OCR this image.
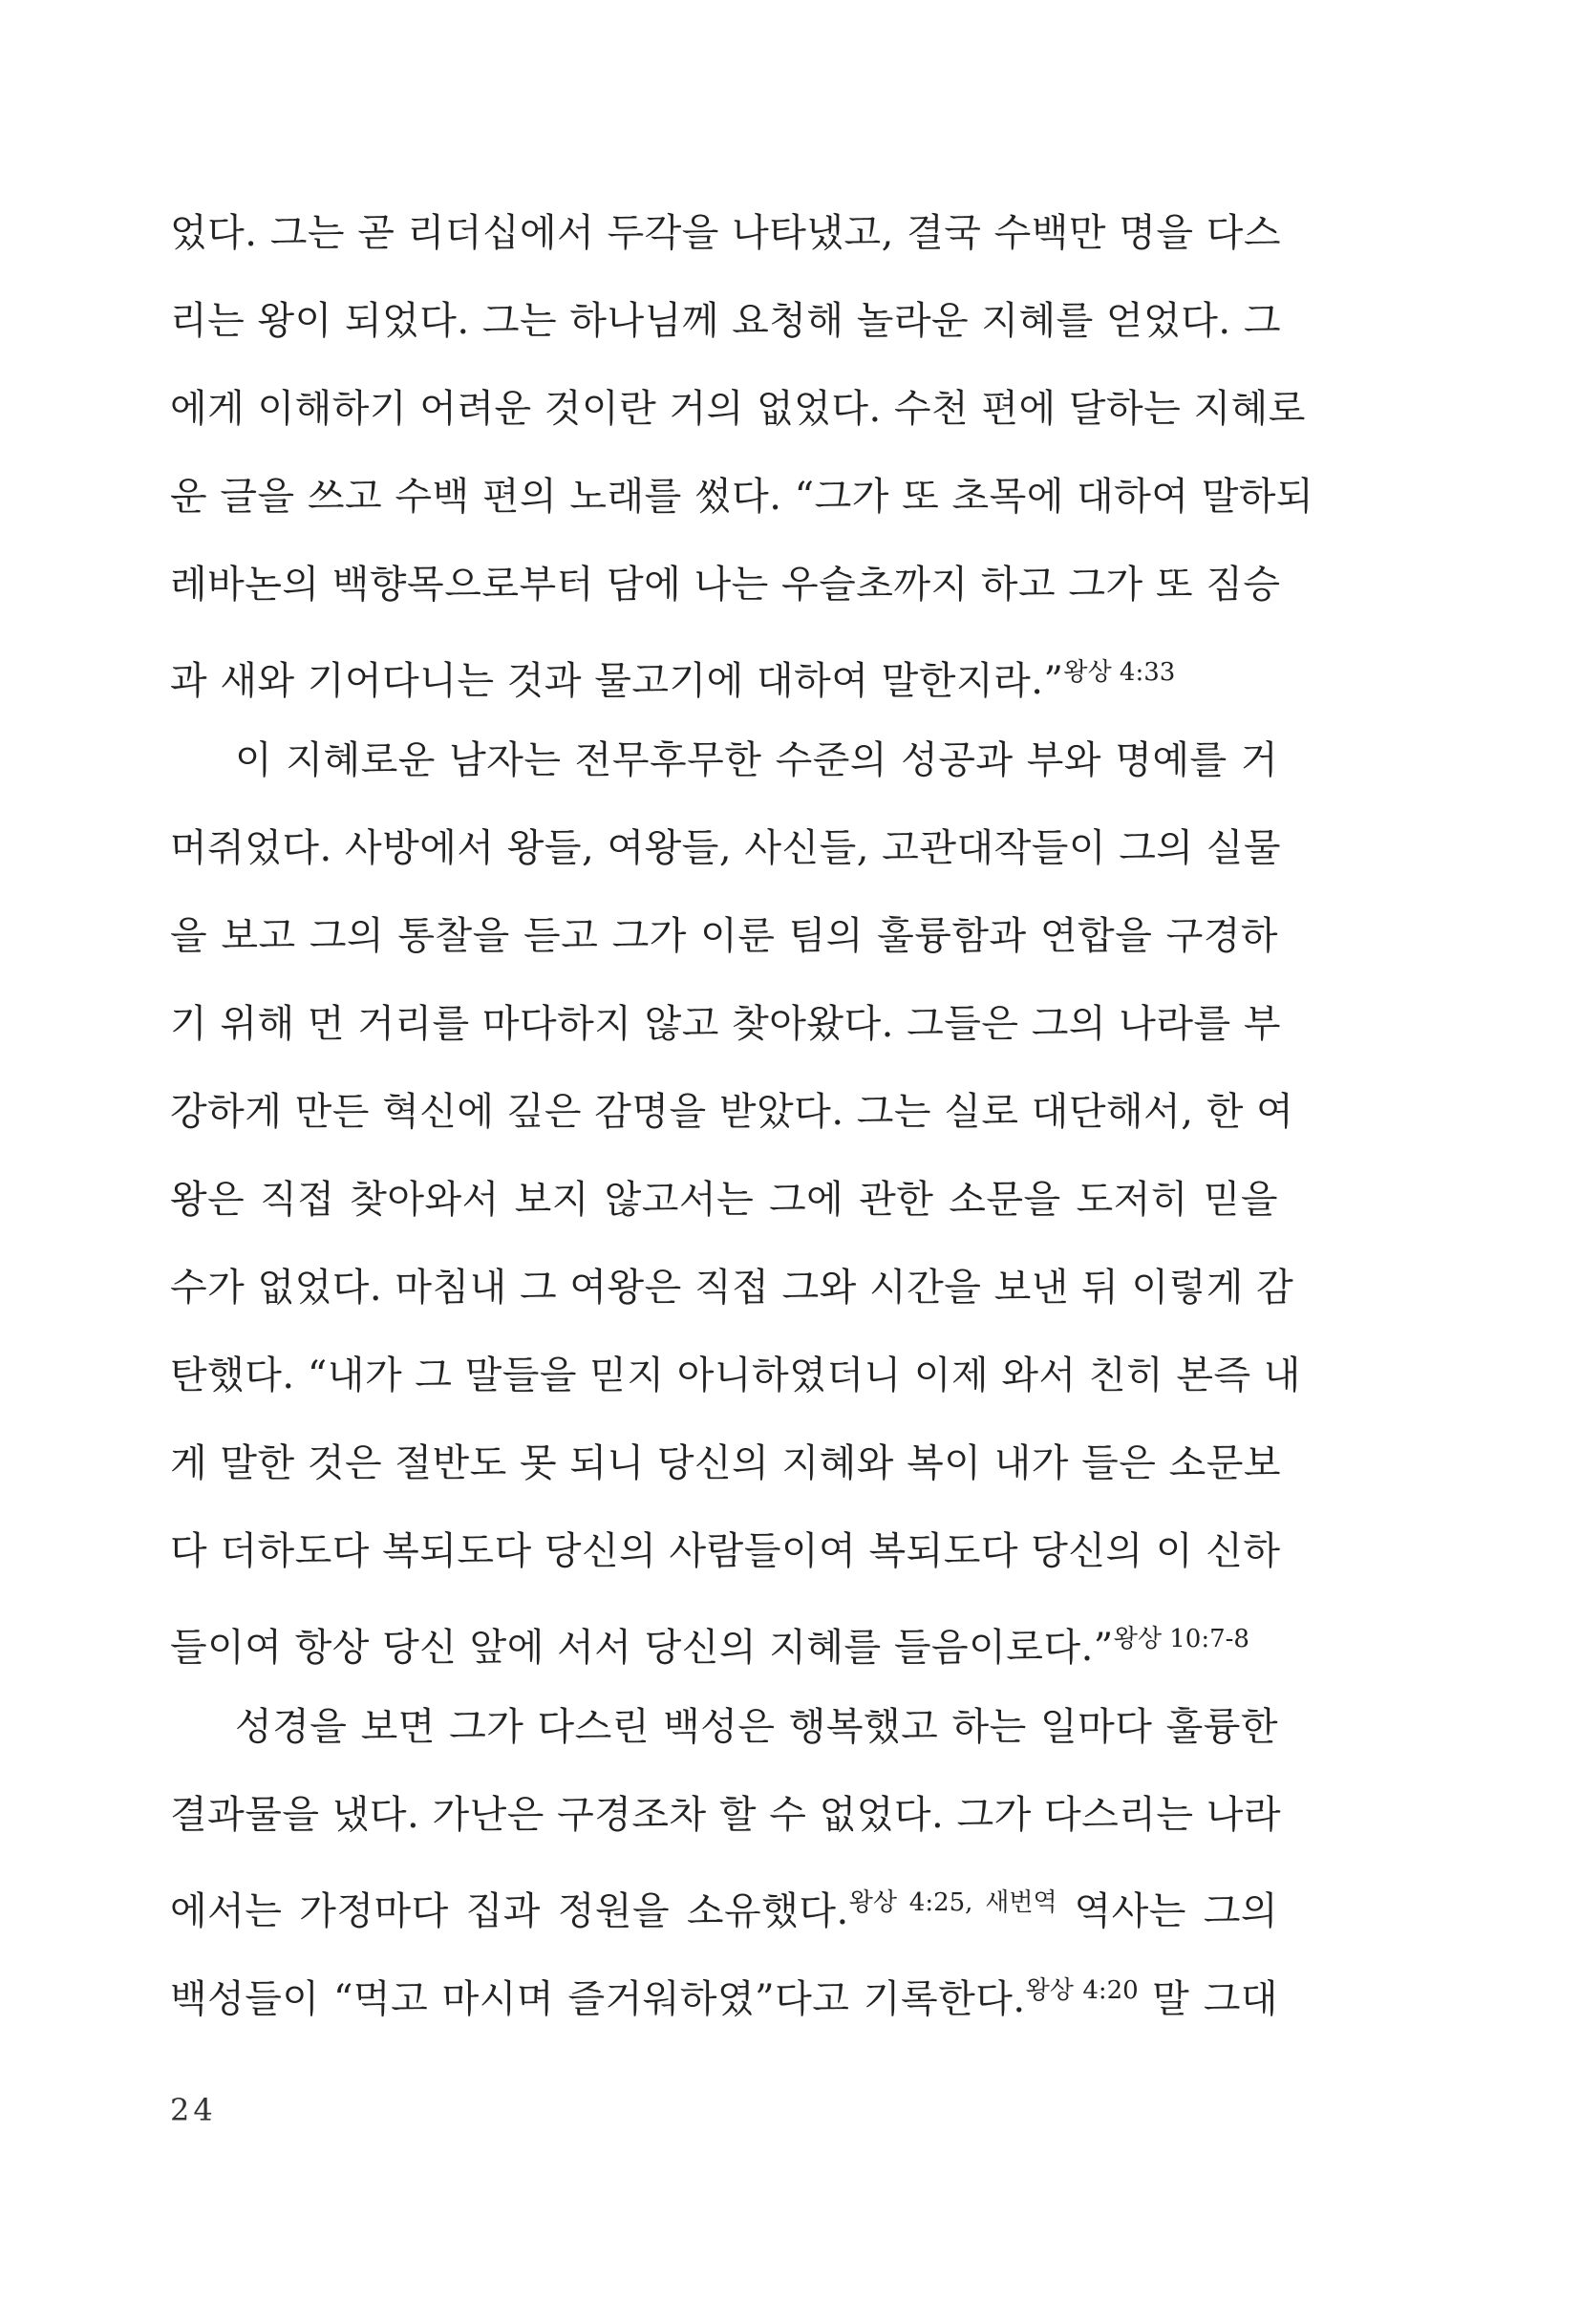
었다. 그는 곧 리더십에서 두각을 나타냈고, 결국 수백만 명을 다스
리는 왕이 되었다. 그는 하나님께 요청해 놀라운 지혜를 얻었다. 그
에게 이해하기 어려운 것이란 거의 없었다. 수천 편에 달하는 지혜로
운 글을 쓰고 수백 편의 노래를 썼다. “그가 또 초목에 대하여 말하되
레바논의 백향목으로부터 담에 나는 우슬초까지 하고 그가 또 짐승
과 새와 기어다니는 것과 물고기에 대하여 말한지라.”$^{왕상 4:33}$
이 지혜로운 남자는 전무후무한 수준의 성공과 부와 명예를 거
머쥐었다. 사방에서 왕들, 여왕들, 사신들, 고관대작들이 그의 실물
을 보고 그의 통찰을 듣고 그가 이룬 팀의 훌륭함과 연합을 구경하
기 위해 먼 거리를 마다하지 않고 찾아왔다. 그들은 그의 나라를 부
강하게 만든 혁신에 깊은 감명을 받았다. 그는 실로 대단해서, 한 여
왕은 직접 찾아와서 보지 않고서는 그에 관한 소문을 도저히 믿을
수가 없었다. 마침내 그 여왕은 직접 그와 시간을 보낸 뒤 이렇게 감
탄했다. “내가 그 말들을 믿지 아니하였더니 이제 와서 친히 본즉 내
게 말한 것은 절반도 못 되니 당신의 지혜와 복이 내가 들은 소문보
다 더하도다 복되도다 당신의 사람들이여 복되도다 당신의 이 신하
들이여 항상 당신 앞에 서서 당신의 지혜를 들음이로다.”$^{왕상 10:7-8}$
성경을 보면 그가 다스린 백성은 행복했고 하는 일마다 훌륭한
결과물을 냈다. 가난은 구경조차 할 수 없었다. 그가 다스리는 나라
에서는 가정마다 집과 정원을 소유했다.$^{왕상 4:25, 새번역}$ 역사는 그의
백성들이 “먹고 마시며 즐거워하였”다고 기록한다.$^{왕상 4:20}$ 말 그대
24
